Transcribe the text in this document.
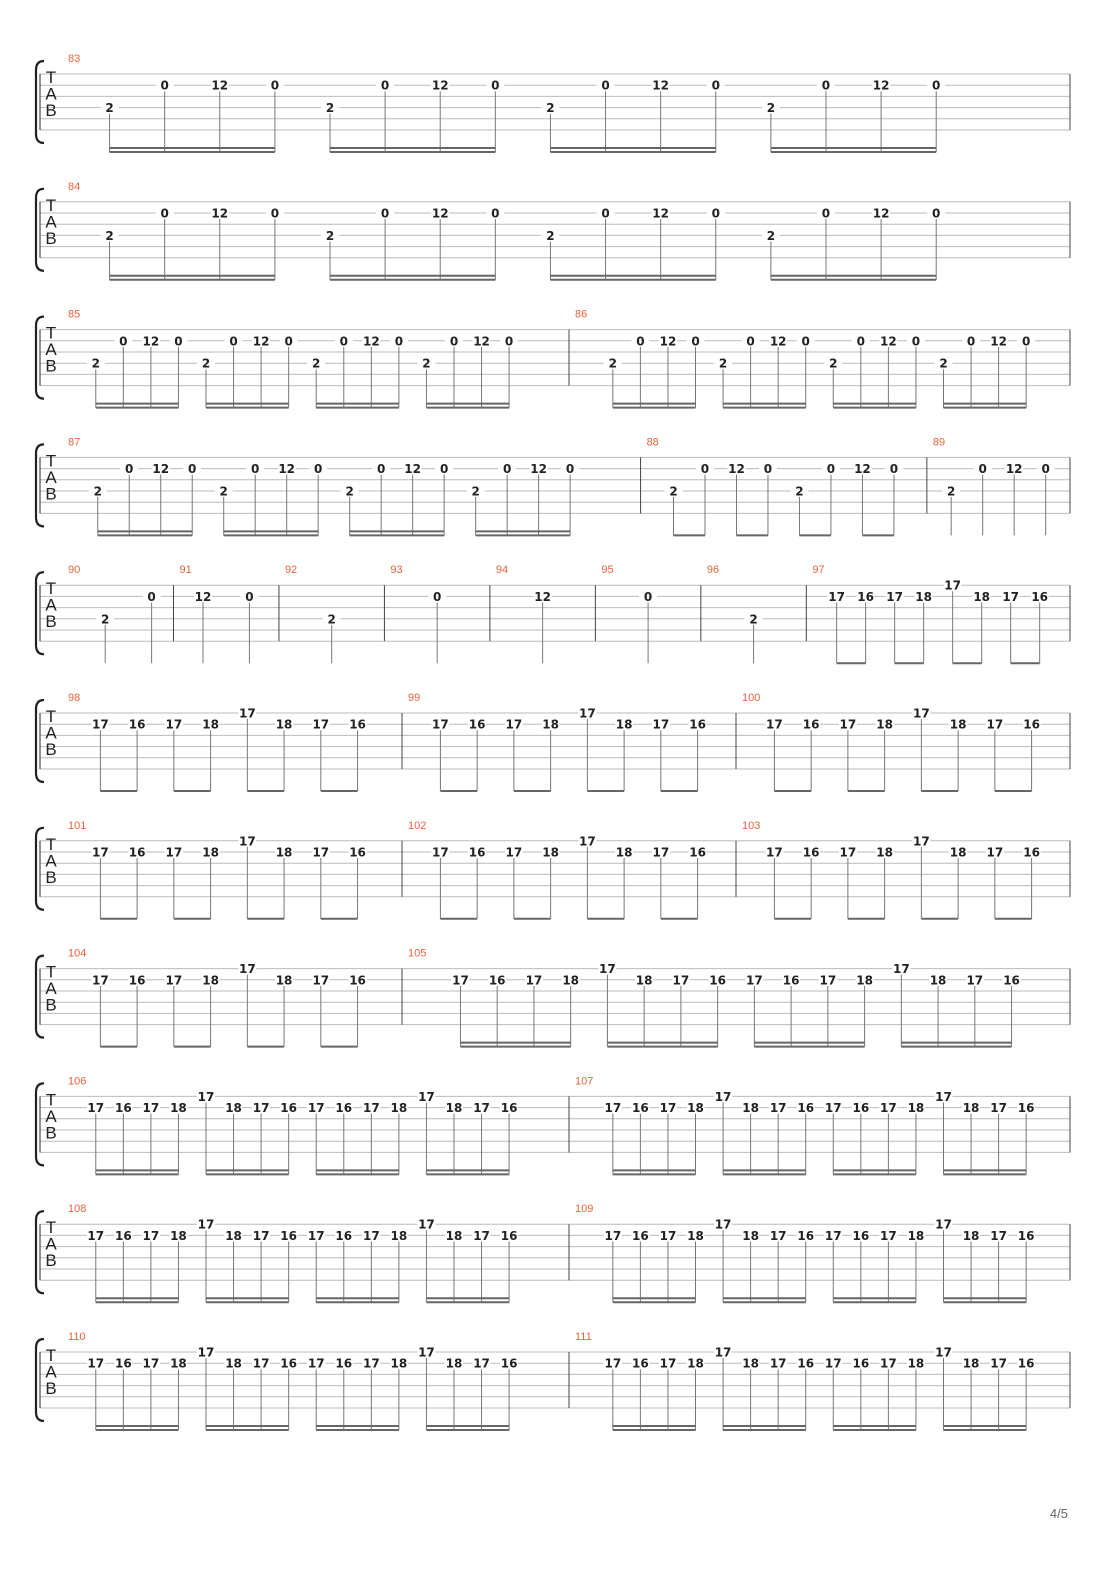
T
A
B
83
2
0	12	0
2
0	12	0
2
0	12	0
2
0	12	0
T
A
B
84
2
0	12	0
2
0	12	0
2
0	12	0
2
0	12	0
T
A
B
85
2
0 12 0
2
0 12 0
2
0 12 0
2
0 12 0
86
2
0 12 0
2
0 12 0
2
0 12 0
2
0 12 0
T
A
B
87
2
0 12 0
2
0 12 0
2
0 12 0
2
0 12 0
88
2
0 12 0
2
0 12 0
89
2
0 12 0
T
A
B
90
2
0
91
12	0
92
2
93
0
94
12
95
0
96
2
97
17 16 17 18
17
18 17 16
T
A
B
98
17 16 17 18
17
18 17 16
99
17 16 17 18
17
18 17 16
100
17 16 17 18
17
18 17 16
T
A
B
101
17 16 17 18
17
18 17 16
102
17 16 17 18
17
18 17 16
103
17 16 17 18
17
18 17 16
T
A
B
104
17 16 17 18
17
18 17 16
105
17 16 17 18
17
18 17 16 17 16 17 18
17
18 17 16
T
A
B
106
17 16 17 18
17
18 17 16 17 16 17 18
17
18 17 16
107
17 16 17 18
17
18 17 16 17 16 17 18
17
18 17 16
T
A
B
108
17 16 17 18
17
18 17 16 17 16 17 18
17
18 17 16
109
17 16 17 18
17
18 17 16 17 16 17 18
17
18 17 16
T
A
B
110
17 16 17 18
17
18 17 16 17 16 17 18
17
18 17 16
111
17 16 17 18
17
18 17 16 17 16 17 18
17
18 17 16
4/5
